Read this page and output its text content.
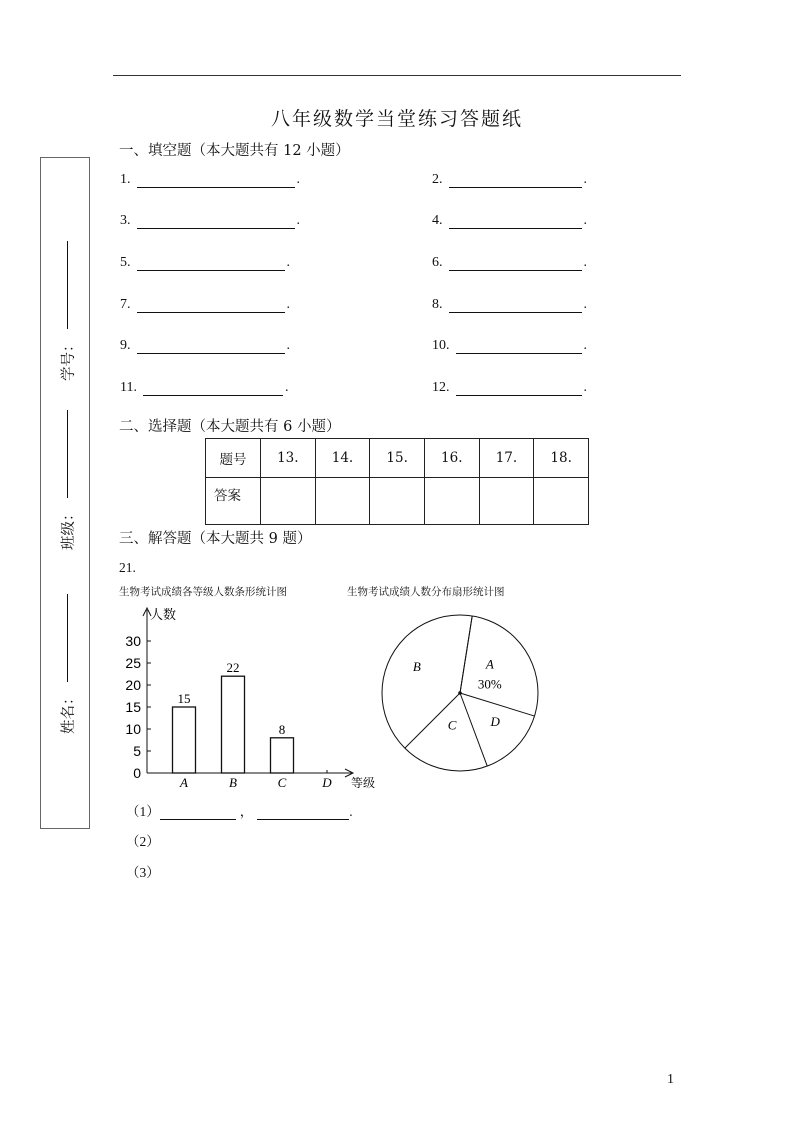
八年级数学当堂练习答题纸
学号：
班级：
姓名：
一、填空题（本大题共有 12 小题）
1.	.	2.	.
3.	.	4.	.
5.	.	6.	.
7.	.	8.	.
9.	.	10.	.
11.	.	12.	.
二、选择题（本大题共有 6 小题）
题号	13.	14.	15.	16.	17.	18.
答案						
三、解答题（本大题共 9 题）
21.
生物考试成绩各等级人数条形统计图
人数
等级
0
5
10
15
20
25
30
A
15
B
22
C
8
D
生物考试成绩人数分布扇形统计图
A
30%
D
C
B
（1）	，	.
（2）
（3）
1
